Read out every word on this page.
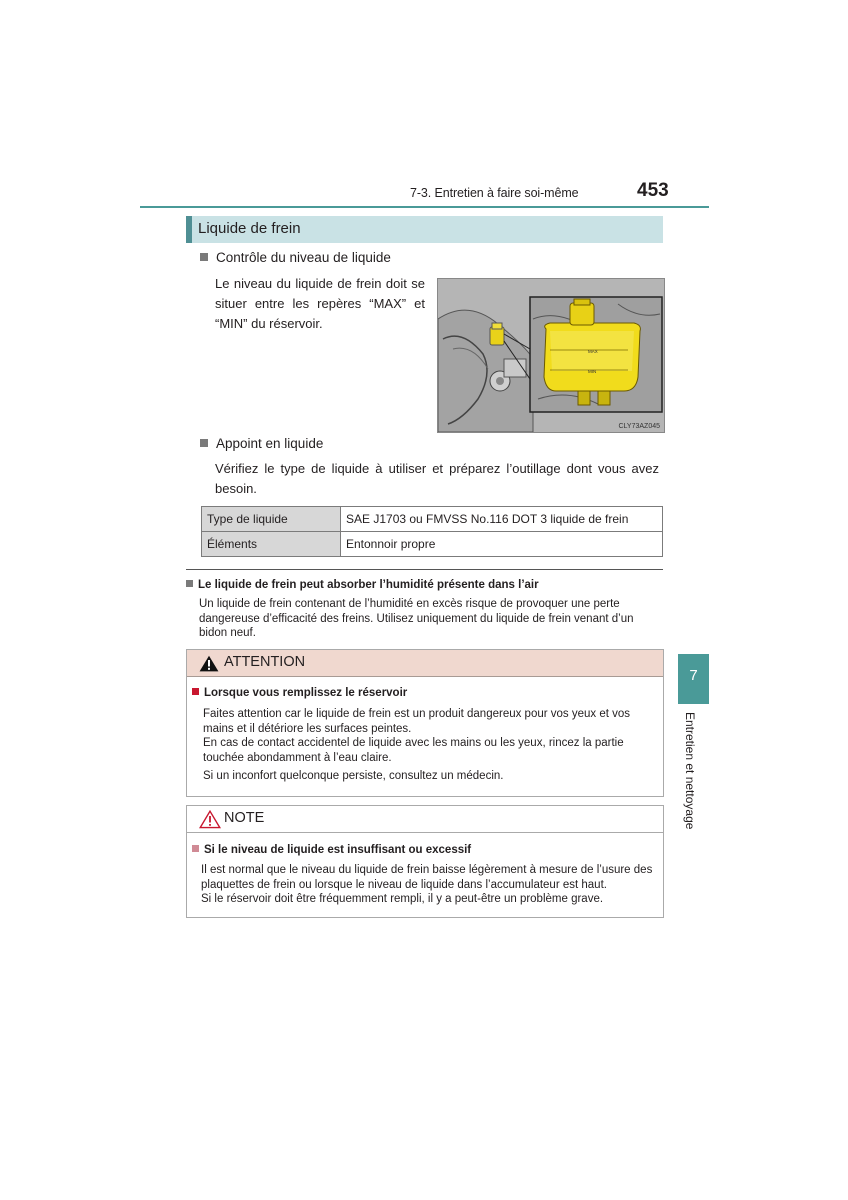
7-3. Entretien à faire soi-même	453
Liquide de frein
Contrôle du niveau de liquide
Le niveau du liquide de frein doit se situer entre les repères “MAX” et “MIN” du réservoir.
MAX
MIN
CLY73AZ045
Appoint en liquide
Vérifiez le type de liquide à utiliser et préparez l’outillage dont vous avez besoin.
Type de liquide	SAE J1703 ou FMVSS No.116 DOT 3 liquide de frein
Éléments	Entonnoir propre
Le liquide de frein peut absorber l’humidité présente dans l’air
Un liquide de frein contenant de l’humidité en excès risque de provoquer une perte dangereuse d’efficacité des freins. Utilisez uniquement du liquide de frein venant d’un bidon neuf.
ATTENTION
Lorsque vous remplissez le réservoir
Faites attention car le liquide de frein est un produit dangereux pour vos yeux et vos mains et il détériore les surfaces peintes.
En cas de contact accidentel de liquide avec les mains ou les yeux, rincez la partie touchée abondamment à l’eau claire.
Si un inconfort quelconque persiste, consultez un médecin.
NOTE
Si le niveau de liquide est insuffisant ou excessif
Il est normal que le niveau du liquide de frein baisse légèrement à mesure de l’usure des plaquettes de frein ou lorsque le niveau de liquide dans l’accumulateur est haut.
Si le réservoir doit être fréquemment rempli, il y a peut-être un problème grave.
7
Entretien et nettoyage
